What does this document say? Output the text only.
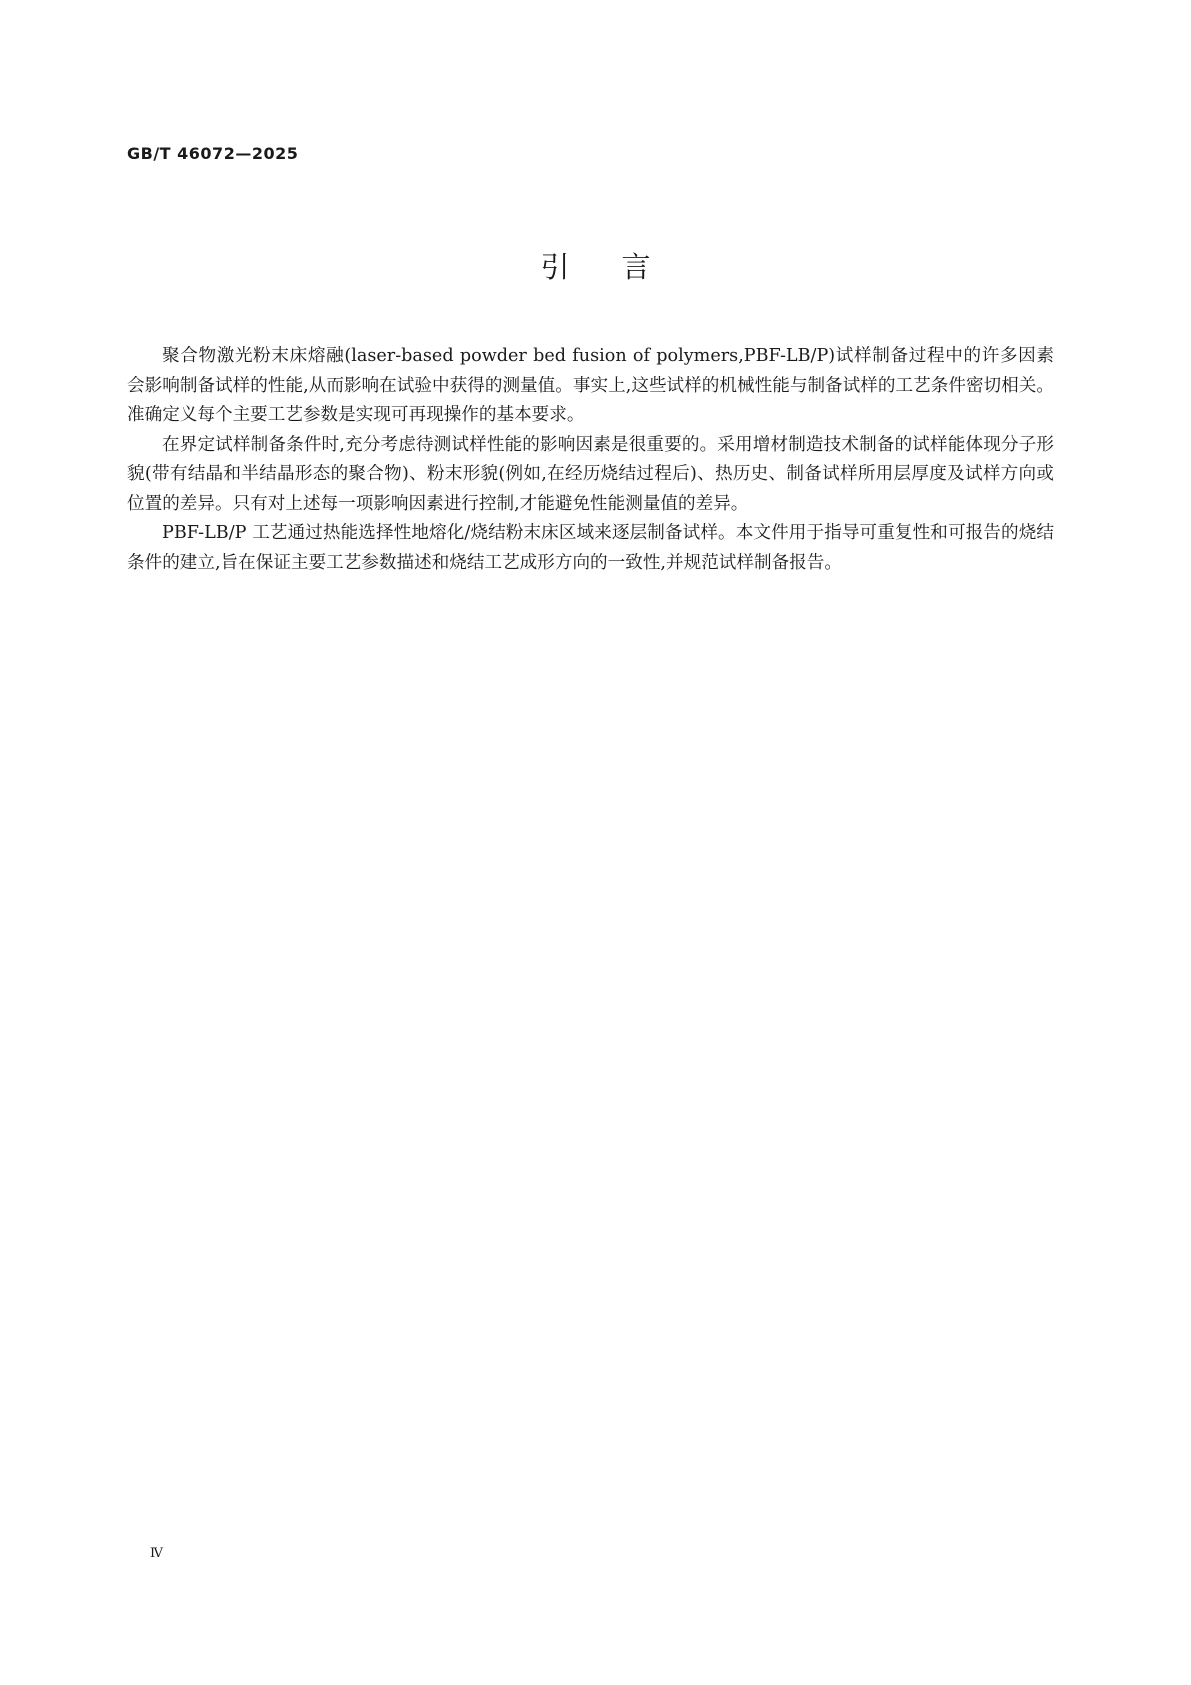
GB/T 46072—2025
引言

聚合物激光粉末床熔融(laser-based powder bed fusion of polymers,PBF-LB/P)试样制备过程中的许多因素会影响制备试样的性能,从而影响在试验中获得的测量值。事实上,这些试样的机械性能与制备试样的工艺条件密切相关。准确定义每个主要工艺参数是实现可再现操作的基本要求。

在界定试样制备条件时,充分考虑待测试样性能的影响因素是很重要的。采用增材制造技术制备的试样能体现分子形貌(带有结晶和半结晶形态的聚合物)、粉末形貌(例如,在经历烧结过程后)、热历史、制备试样所用层厚度及试样方向或位置的差异。只有对上述每一项影响因素进行控制,才能避免性能测量值的差异。

PBF-LB/P 工艺通过热能选择性地熔化/烧结粉末床区域来逐层制备试样。本文件用于指导可重复性和可报告的烧结条件的建立,旨在保证主要工艺参数描述和烧结工艺成形方向的一致性,并规范试样制备报告。

Ⅳ
